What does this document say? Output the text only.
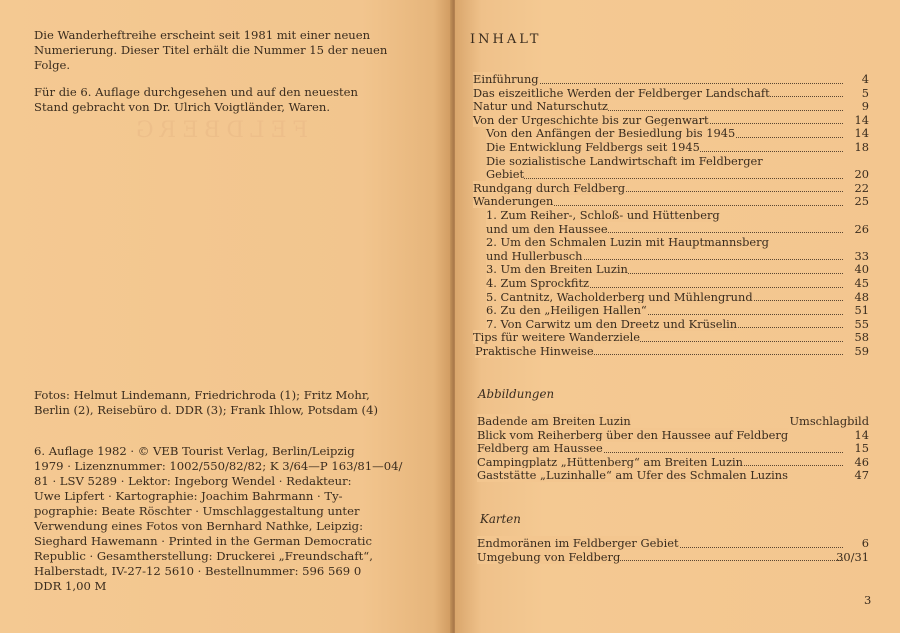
FELDBERG

Die Wanderheftreihe erscheint seit 1981 mit einer neuen

Numerierung. Dieser Titel erhält die Nummer 15 der neuen

Folge.

Für die 6. Auflage durchgesehen und auf den neuesten

Stand gebracht von Dr. Ulrich Voigtländer, Waren.

Fotos: Helmut Lindemann, Friedrichroda (1); Fritz Mohr,

Berlin (2), Reisebüro d. DDR (3); Frank Ihlow, Potsdam (4)

6. Auflage 1982 · © VEB Tourist Verlag, Berlin/Leipzig

1979 · Lizenznummer: 1002/550/82/82; K 3/64—P 163/81—04/

81 · LSV 5289 · Lektor: Ingeborg Wendel · Redakteur:

Uwe Lipfert · Kartographie: Joachim Bahrmann · Ty-

pographie: Beate Röschter · Umschlaggestaltung unter

Verwendung eines Fotos von Bernhard Nathke, Leipzig:

Sieghard Hawemann · Printed in the German Democratic

Republic · Gesamtherstellung: Druckerei „Freundschaft“,

Halberstadt, IV-27-12 5610 · Bestellnummer: 596 569 0

DDR 1,00 M

INHALT
Einführung	4
Das eiszeitliche Werden der Feldberger Landschaft	5
Natur und Naturschutz	9
Von der Urgeschichte bis zur Gegenwart	14
Von den Anfängen der Besiedlung bis 1945	14
Die Entwicklung Feldbergs seit 1945	18
Die sozialistische Landwirtschaft im Feldberger
Gebiet	20
Rundgang durch Feldberg	22
Wanderungen	25
1. Zum Reiher-, Schloß- und Hüttenberg
und um den Haussee	26
2. Um den Schmalen Luzin mit Hauptmannsberg
und Hullerbusch	33
3. Um den Breiten Luzin	40
4. Zum Sprockfitz	45
5. Cantnitz, Wacholderberg und Mühlengrund	48
6. Zu den „Heiligen Hallen“	51
7. Von Carwitz um den Dreetz und Krüselin	55
Tips für weitere Wanderziele	58
Praktische Hinweise	59
Abbildungen
Badende am Breiten Luzin	Umschlagbild
Blick vom Reiherberg über den Haussee auf Feldberg	14
Feldberg am Haussee	15
Campingplatz „Hüttenberg“ am Breiten Luzin	46
Gaststätte „Luzinhalle“ am Ufer des Schmalen Luzins	47
Karten
Endmoränen im Feldberger Gebiet	6
Umgebung von Feldberg	30/31
3
